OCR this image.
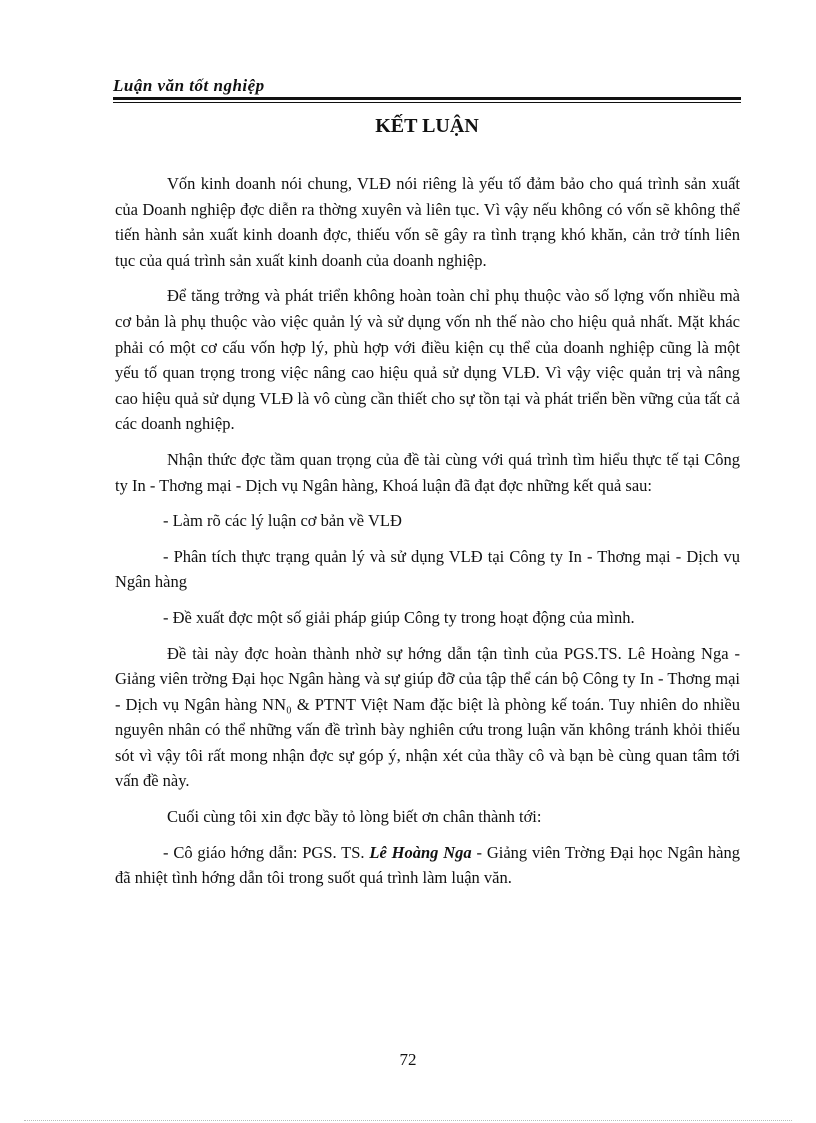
Luận văn tốt nghiệp
KẾT LUẬN

Vốn kinh doanh nói chung, VLĐ nói riêng là yếu tố đảm bảo cho quá trình sản xuất của Doanh nghiệp đợc diễn ra thờng xuyên và liên tục. Vì vậy nếu không có vốn sẽ không thể tiến hành sản xuất kinh doanh đợc, thiếu vốn sẽ gây ra tình trạng khó khăn, cản trở tính liên tục của quá trình sản xuất kinh doanh của doanh nghiệp.

Để tăng trởng và phát triển không hoàn toàn chỉ phụ thuộc vào số lợng vốn nhiều mà cơ bản là phụ thuộc vào việc quản lý và sử dụng vốn nh thế nào cho hiệu quả nhất. Mặt khác phải có một cơ cấu vốn hợp lý, phù hợp với điều kiện cụ thể của doanh nghiệp cũng là một yếu tố quan trọng trong việc nâng cao hiệu quả sử dụng VLĐ. Vì vậy việc quản trị và nâng cao hiệu quả sử dụng VLĐ là vô cùng cần thiết cho sự tồn tại và phát triển bền vững của tất cả các doanh nghiệp.

Nhận thức đợc tầm quan trọng của đề tài cùng với quá trình tìm hiểu thực tế tại Công ty In - Thơng mại - Dịch vụ Ngân hàng, Khoá luận đã đạt đợc những kết quả sau:

- Làm rõ các lý luận cơ bản về VLĐ

- Phân tích thực trạng quản lý và sử dụng VLĐ tại Công ty In - Thơng mại - Dịch vụ Ngân hàng

- Đề xuất đợc một số giải pháp giúp Công ty trong hoạt động của mình.

Đề tài này đợc hoàn thành nhờ sự hớng dẫn tận tình của PGS.TS. Lê Hoàng Nga - Giảng viên trờng Đại học Ngân hàng và sự giúp đỡ của tập thể cán bộ Công ty In - Thơng mại - Dịch vụ Ngân hàng NN₀ & PTNT Việt Nam đặc biệt là phòng kế toán. Tuy nhiên do nhiều nguyên nhân có thể những vấn đề trình bày nghiên cứu trong luận văn không tránh khỏi thiếu sót vì vậy tôi rất mong nhận đợc sự góp ý, nhận xét của thầy cô và bạn bè cùng quan tâm tới vấn đề này.

Cuối cùng tôi xin đợc bầy tỏ lòng biết ơn chân thành tới:

- Cô giáo hớng dẫn: PGS. TS. Lê Hoàng Nga - Giảng viên Trờng Đại học Ngân hàng đã nhiệt tình hớng dẫn tôi trong suốt quá trình làm luận văn.

72
